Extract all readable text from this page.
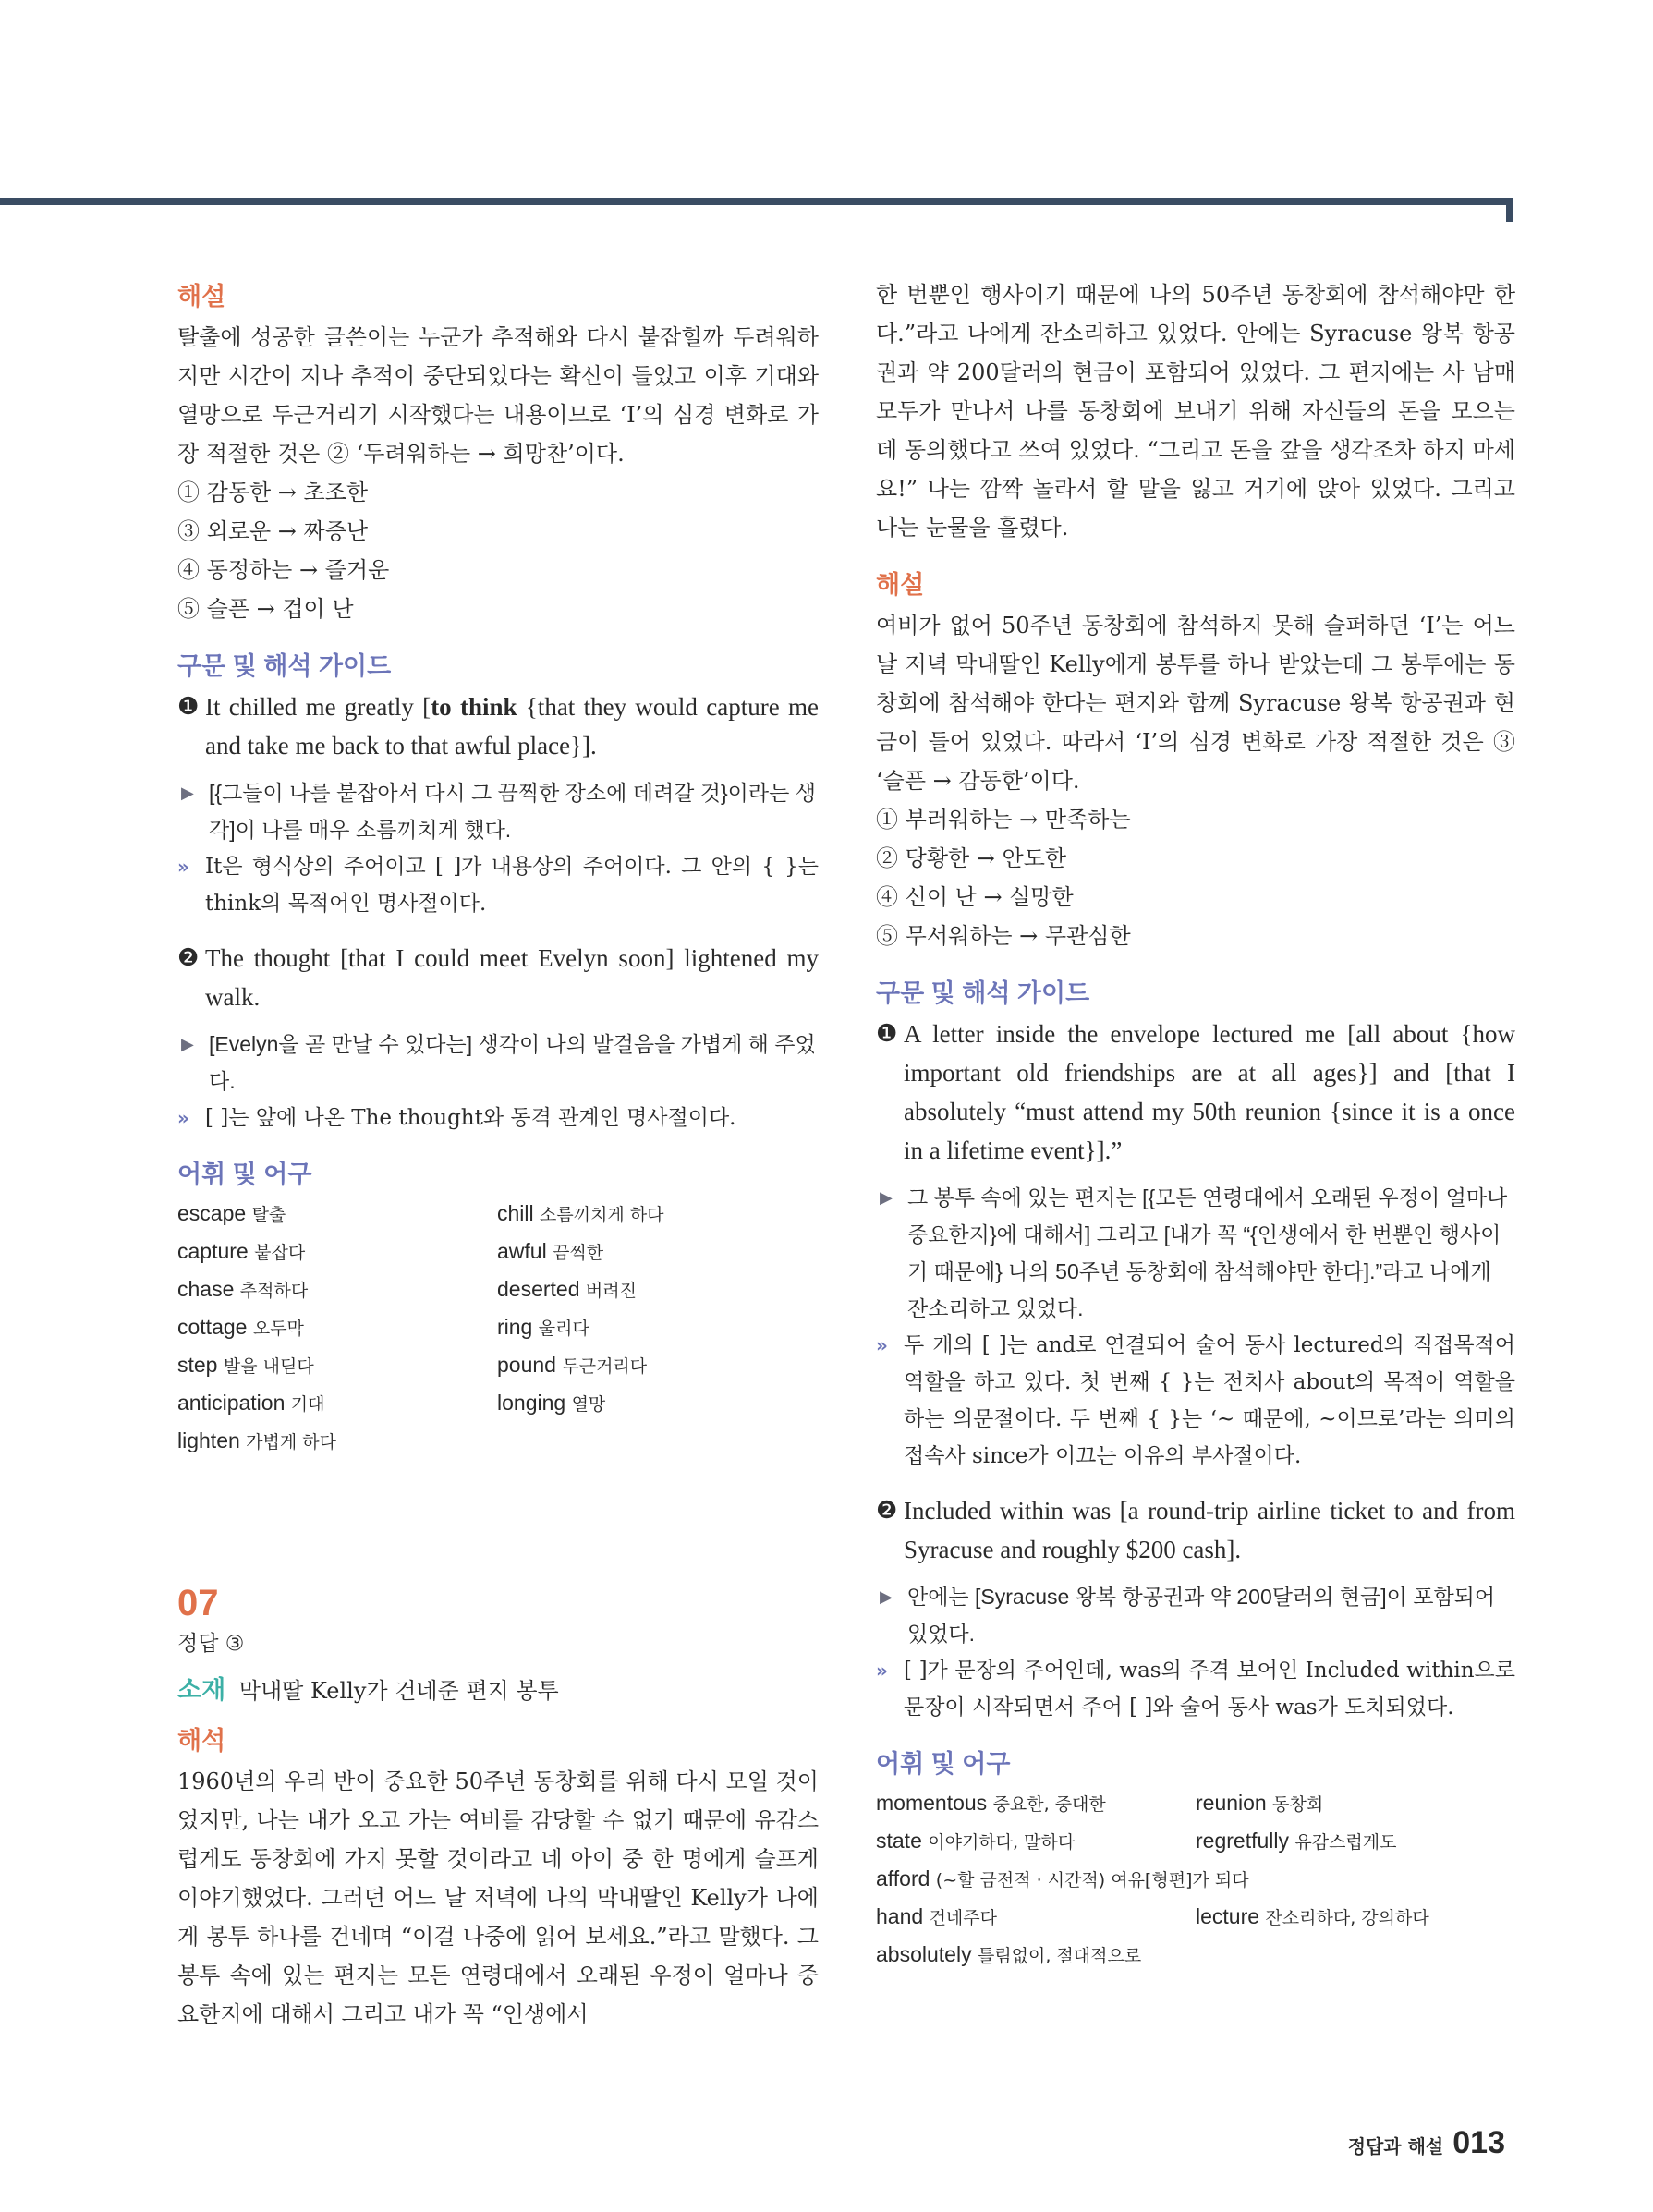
해설
탈출에 성공한 글쓴이는 누군가 추적해와 다시 붙잡힐까 두려워하지만 시간이 지나 추적이 중단되었다는 확신이 들었고 이후 기대와 열망으로 두근거리기 시작했다는 내용이므로 ‘I’의 심경 변화로 가장 적절한 것은 ② ‘두려워하는 → 희망찬’이다.
① 감동한 → 초조한
③ 외로운 → 짜증난
④ 동정하는 → 즐거운
⑤ 슬픈 → 겁이 난
구문 및 해석 가이드
❶ It chilled me greatly [to think {that they would capture me and take me back to that awful place}].
▶ [{그들이 나를 붙잡아서 다시 그 끔찍한 장소에 데려갈 것}이라는 생각]이 나를 매우 소름끼치게 했다.
» It은 형식상의 주어이고 [ ]가 내용상의 주어이다. 그 안의 { }는 think의 목적어인 명사절이다.
❷ The thought [that I could meet Evelyn soon] lightened my walk.
▶ [Evelyn을 곧 만날 수 있다는] 생각이 나의 발걸음을 가볍게 해 주었다.
» [ ]는 앞에 나온 The thought와 동격 관계인 명사절이다.
어휘 및 어구
escape 탈출	chill 소름끼치게 하다
capture 붙잡다	awful 끔찍한
chase 추적하다	deserted 버려진
cottage 오두막	ring 울리다
step 발을 내딛다	pound 두근거리다
anticipation 기대	longing 열망
lighten 가볍게 하다
07
정답 ③
소재 막내딸 Kelly가 건네준 편지 봉투
해석
1960년의 우리 반이 중요한 50주년 동창회를 위해 다시 모일 것이었지만, 나는 내가 오고 가는 여비를 감당할 수 없기 때문에 유감스럽게도 동창회에 가지 못할 것이라고 네 아이 중 한 명에게 슬프게 이야기했었다. 그러던 어느 날 저녁에 나의 막내딸인 Kelly가 나에게 봉투 하나를 건네며 “이걸 나중에 읽어 보세요.”라고 말했다. 그 봉투 속에 있는 편지는 모든 연령대에서 오래된 우정이 얼마나 중요한지에 대해서 그리고 내가 꼭 “인생에서
한 번뿐인 행사이기 때문에 나의 50주년 동창회에 참석해야만 한다.”라고 나에게 잔소리하고 있었다. 안에는 Syracuse 왕복 항공권과 약 200달러의 현금이 포함되어 있었다. 그 편지에는 사 남매 모두가 만나서 나를 동창회에 보내기 위해 자신들의 돈을 모으는 데 동의했다고 쓰여 있었다. “그리고 돈을 갚을 생각조차 하지 마세요!” 나는 깜짝 놀라서 할 말을 잃고 거기에 앉아 있었다. 그리고 나는 눈물을 흘렸다.
해설
여비가 없어 50주년 동창회에 참석하지 못해 슬퍼하던 ‘I’는 어느 날 저녁 막내딸인 Kelly에게 봉투를 하나 받았는데 그 봉투에는 동창회에 참석해야 한다는 편지와 함께 Syracuse 왕복 항공권과 현금이 들어 있었다. 따라서 ‘I’의 심경 변화로 가장 적절한 것은 ③ ‘슬픈 → 감동한’이다.
① 부러워하는 → 만족하는
② 당황한 → 안도한
④ 신이 난 → 실망한
⑤ 무서워하는 → 무관심한
구문 및 해석 가이드
❶ A letter inside the envelope lectured me [all about {how important old friendships are at all ages}] and [that I absolutely “must attend my 50th reunion {since it is a once in a lifetime event}].”
▶ 그 봉투 속에 있는 편지는 [{모든 연령대에서 오래된 우정이 얼마나 중요한지}에 대해서] 그리고 [내가 꼭 “{인생에서 한 번뿐인 행사이기 때문에} 나의 50주년 동창회에 참석해야만 한다].”라고 나에게 잔소리하고 있었다.
» 두 개의 [ ]는 and로 연결되어 술어 동사 lectured의 직접목적어 역할을 하고 있다. 첫 번째 { }는 전치사 about의 목적어 역할을 하는 의문절이다. 두 번째 { }는 ‘~ 때문에, ~이므로’라는 의미의 접속사 since가 이끄는 이유의 부사절이다.
❷ Included within was [a round-trip airline ticket to and from Syracuse and roughly $200 cash].
▶ 안에는 [Syracuse 왕복 항공권과 약 200달러의 현금]이 포함되어 있었다.
» [ ]가 문장의 주어인데, was의 주격 보어인 Included within으로 문장이 시작되면서 주어 [ ]와 술어 동사 was가 도치되었다.
어휘 및 어구
momentous 중요한, 중대한	reunion 동창회
state 이야기하다, 말하다	regretfully 유감스럽게도
afford (~할 금전적 · 시간적) 여유[형편]가 되다
hand 건네주다	lecture 잔소리하다, 강의하다
absolutely 틀림없이, 절대적으로
정답과 해설 013
